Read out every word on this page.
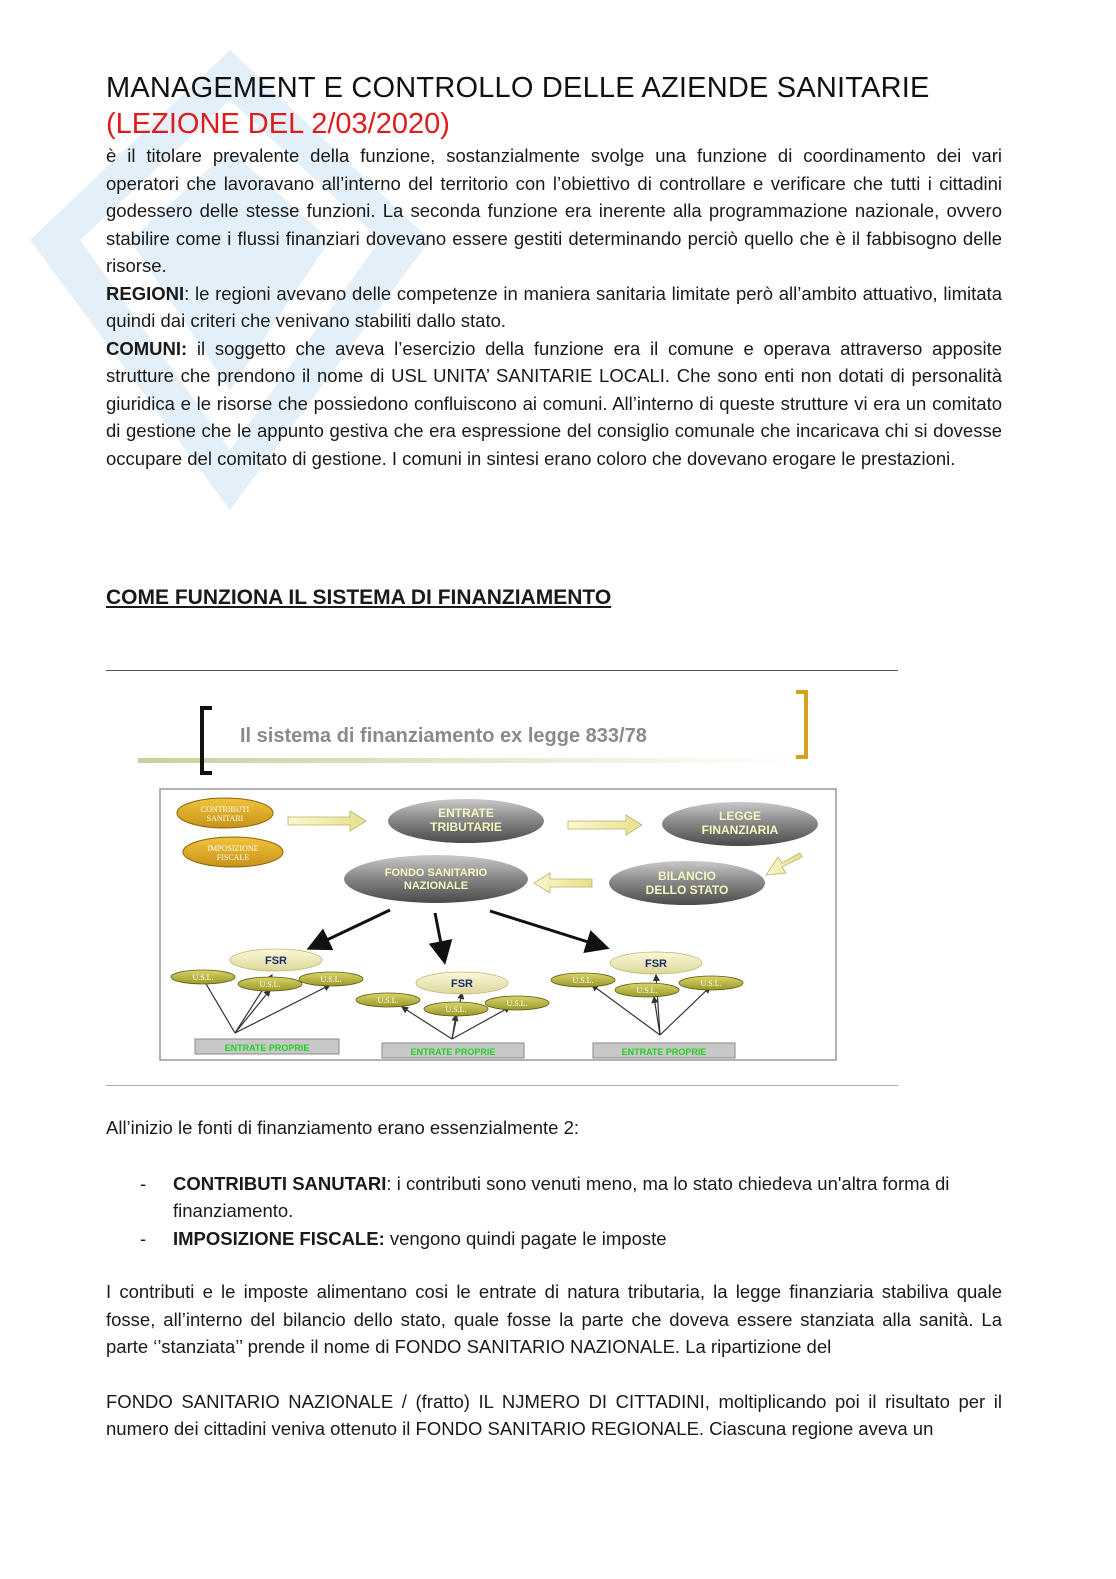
MANAGEMENT E CONTROLLO DELLE AZIENDE SANITARIE
(LEZIONE DEL 2/03/2020)

è il titolare prevalente della funzione, sostanzialmente svolge una funzione di coordinamento dei vari operatori che lavoravano all’interno del territorio con l’obiettivo di controllare e verificare che tutti i cittadini godessero delle stesse funzioni. La seconda funzione era inerente alla programmazione nazionale, ovvero stabilire come i flussi finanziari dovevano essere gestiti determinando perciò quello che è il fabbisogno delle risorse.

REGIONI: le regioni avevano delle competenze in maniera sanitaria limitate però all’ambito attuativo, limitata quindi dai criteri che venivano stabiliti dallo stato.

COMUNI: il soggetto che aveva l’esercizio della funzione era il comune e operava attraverso apposite strutture che prendono il nome di USL UNITA’ SANITARIE LOCALI. Che sono enti non dotati di personalità giuridica e le risorse che possiedono confluiscono ai comuni. All’interno di queste strutture vi era un comitato di gestione che le appunto gestiva che era espressione del consiglio comunale che incaricava chi si dovesse occupare del comitato di gestione. I comuni in sintesi erano coloro che dovevano erogare le prestazioni.

COME FUNZIONA IL SISTEMA DI FINANZIAMENTO
Il sistema di finanziamento ex legge 833/78
CONTRIBUTI
SANITARI
IMPOSIZIONE
FISCALE
ENTRATE
TRIBUTARIE
LEGGE
FINANZIARIA
BILANCIO
DELLO STATO
FONDO SANITARIO
NAZIONALE
FSR
U.S.L.
U.S.L.
U.S.L.
ENTRATE PROPRIE
FSR
U.S.L.
U.S.L.
U.S.L.
ENTRATE PROPRIE
FSR
U.S.L.
U.S.L.
U.S.L.
ENTRATE PROPRIE

All’inizio le fonti di finanziamento erano essenzialmente 2:

- CONTRIBUTI SANUTARI: i contributi sono venuti meno, ma lo stato chiedeva un'altra forma di finanziamento.
- IMPOSIZIONE FISCALE: vengono quindi pagate le imposte

I contributi e le imposte alimentano cosi le entrate di natura tributaria, la legge finanziaria stabiliva quale fosse, all’interno del bilancio dello stato, quale fosse la parte che doveva essere stanziata alla sanità. La parte ‘’stanziata’’ prende il nome di FONDO SANITARIO NAZIONALE. La ripartizione del

FONDO SANITARIO NAZIONALE / (fratto) IL NJMERO DI CITTADINI, moltiplicando poi il risultato per il numero dei cittadini veniva ottenuto il FONDO SANITARIO REGIONALE. Ciascuna regione aveva un
